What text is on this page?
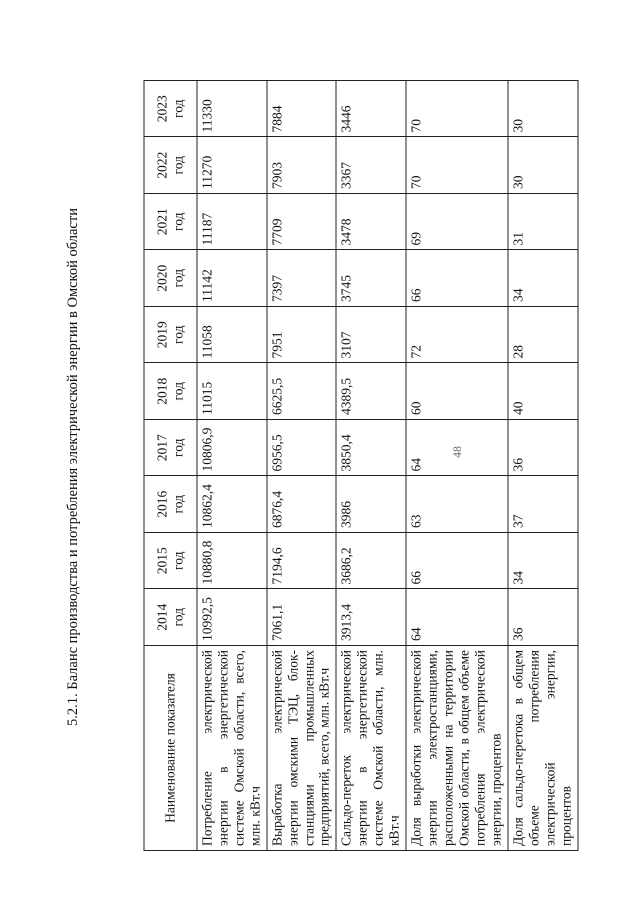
48
5.2.1. Баланс производства и потребления электрической энергии в Омской области
Наименование показателя	2014 год	2015 год	2016 год	2017 год	2018 год	2019 год	2020 год	2021 год	2022 год	2023 год
Потребление электрической энергии в энергетической системе Омской области, всего, млн. кВт.ч	10992,5	10880,8	10862,4	10806,9	11015	11058	11142	11187	11270	11330
Выработка электрической энергии омскими ТЭЦ, блок-станциями промышленных предприятий, всего, млн. кВт.ч	7061,1	7194,6	6876,4	6956,5	6625,5	7951	7397	7709	7903	7884
Сальдо-переток электрической энергии в энергетической системе Омской области, млн. кВт.ч	3913,4	3686,2	3986	3850,4	4389,5	3107	3745	3478	3367	3446
Доля выработки электрической энергии электростанциями, расположенными на территории Омской области, в общем объеме потребления электрической энергии, процентов	64	66	63	64	60	72	66	69	70	70
Доля сальдо-перетока в общем объеме потребления электрической энергии, процентов	36	34	37	36	40	28	34	31	30	30
